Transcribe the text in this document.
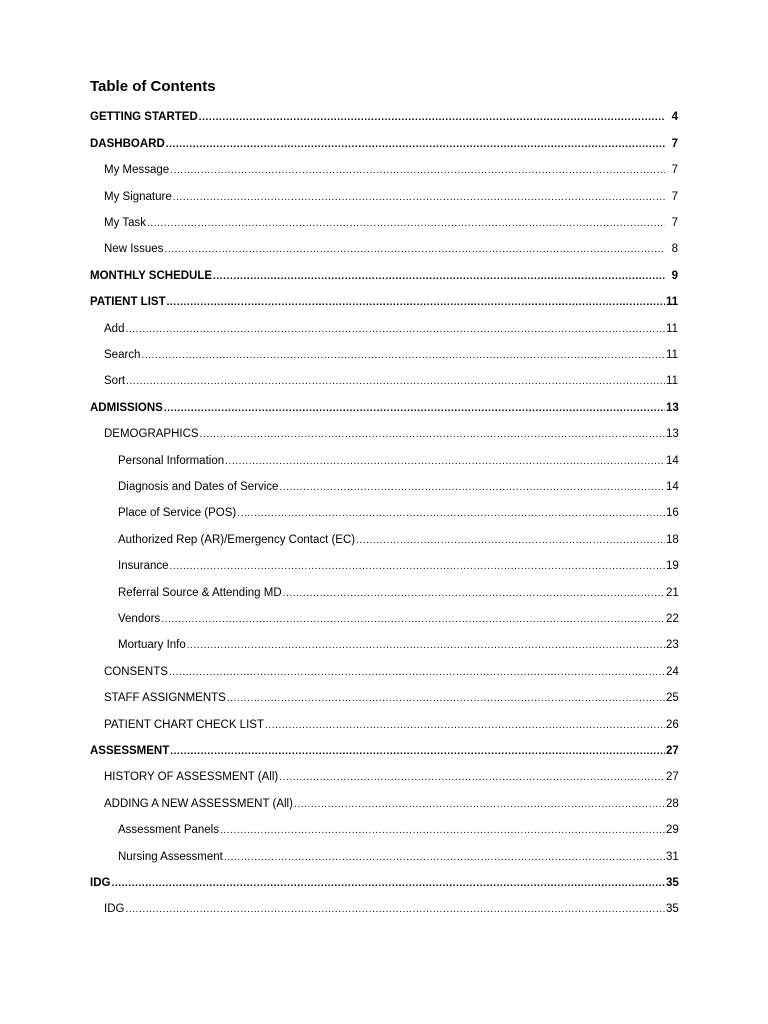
Table of Contents
GETTING STARTED .....	4
DASHBOARD .....	7
My Message .....	7
My Signature .....	7
My Task .....	7
New Issues .....	8
MONTHLY SCHEDULE .....	9
PATIENT LIST .....	11
Add .....	11
Search .....	11
Sort .....	11
ADMISSIONS .....	13
DEMOGRAPHICS .....	13
Personal Information .....	14
Diagnosis and Dates of Service .....	14
Place of Service (POS) .....	16
Authorized Rep (AR)/Emergency Contact (EC) .....	18
Insurance .....	19
Referral Source & Attending MD .....	21
Vendors .....	22
Mortuary Info .....	23
CONSENTS .....	24
STAFF ASSIGNMENTS .....	25
PATIENT CHART CHECK LIST .....	26
ASSESSMENT .....	27
HISTORY OF ASSESSMENT (All) .....	27
ADDING A NEW ASSESSMENT (All) .....	28
Assessment Panels .....	29
Nursing Assessment .....	31
IDG .....	35
IDG .....	35
